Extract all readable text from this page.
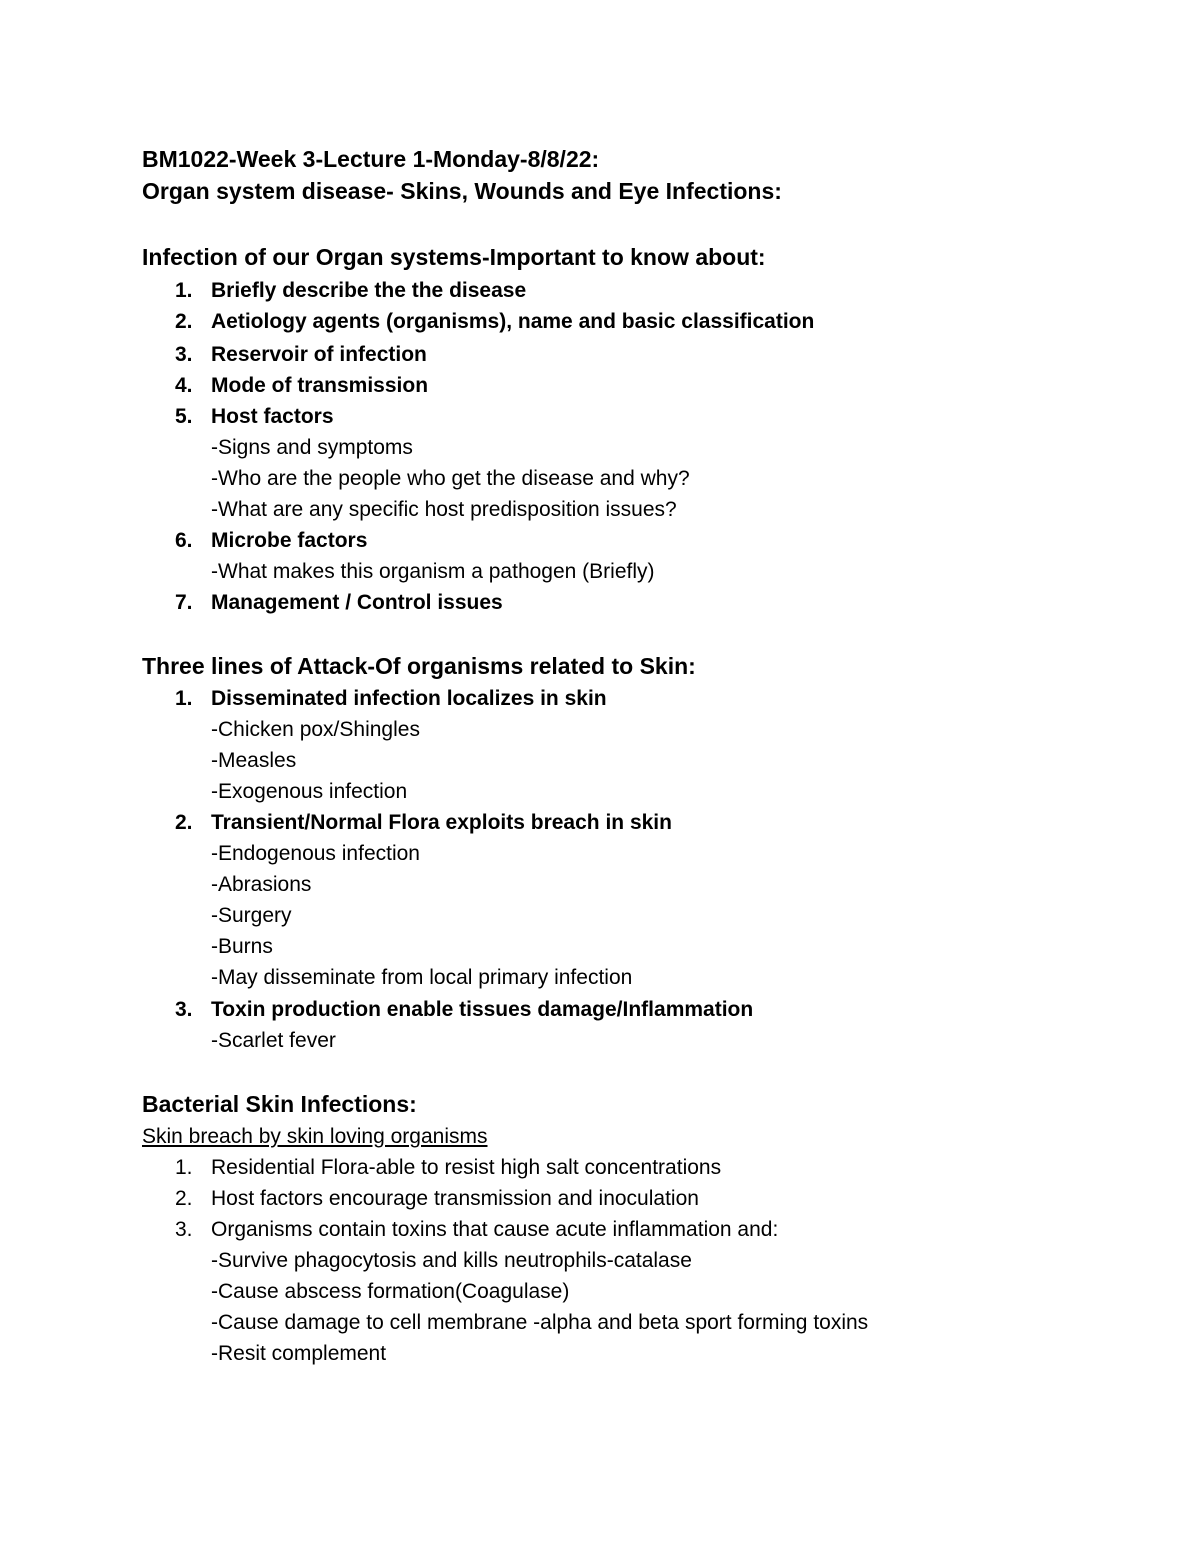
BM1022-Week 3-Lecture 1-Monday-8/8/22:
Organ system disease- Skins, Wounds and Eye Infections:
Infection of our Organ systems-Important to know about:
1. Briefly describe the the disease
2. Aetiology agents (organisms), name and basic classification
3. Reservoir of infection
4. Mode of transmission
5. Host factors
-Signs and symptoms
-Who are the people who get the disease and why?
-What are any specific host predisposition issues?
6. Microbe factors
-What makes this organism a pathogen (Briefly)
7. Management / Control issues
Three lines of Attack-Of organisms related to Skin:
1. Disseminated infection localizes in skin
-Chicken pox/Shingles
-Measles
-Exogenous infection
2. Transient/Normal Flora exploits breach in skin
-Endogenous infection
-Abrasions
-Surgery
-Burns
-May disseminate from local primary infection
3. Toxin production enable tissues damage/Inflammation
-Scarlet fever
Bacterial Skin Infections:
Skin breach by skin loving organisms
1. Residential Flora-able to resist high salt concentrations
2. Host factors encourage transmission and inoculation
3. Organisms contain toxins that cause acute inflammation and:
-Survive phagocytosis and kills neutrophils-catalase
-Cause abscess formation(Coagulase)
-Cause damage to cell membrane -alpha and beta sport forming toxins
-Resit complement
